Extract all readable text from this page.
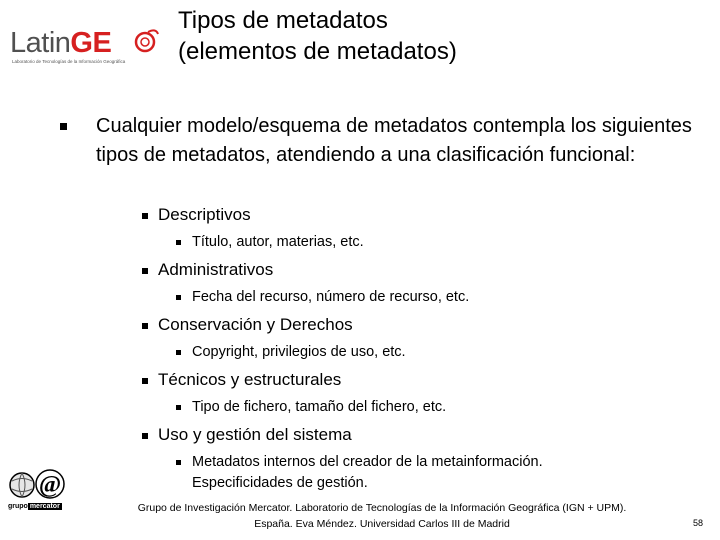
LatinGE
Laboratorio de Tecnologías de la Información Geográfica
Tipos de metadatos
(elementos de metadatos)
Cualquier modelo/esquema de metadatos contempla los siguientes tipos de metadatos, atendiendo a una clasificación funcional:
Descriptivos
Título, autor, materias, etc.
Administrativos
Fecha del recurso, número de recurso, etc.
Conservación y Derechos
Copyright, privilegios de uso, etc.
Técnicos y estructurales
Tipo de fichero, tamaño del fichero, etc.
Uso y gestión del sistema
Metadatos internos del creador de la metainformación.
Especificidades de gestión.
@
grupo mercator	Grupo de Investigación Mercator. Laboratorio de Tecnologías de la Información Geográfica (IGN + UPM).
España. Eva Méndez. Universidad Carlos III de Madrid	58
